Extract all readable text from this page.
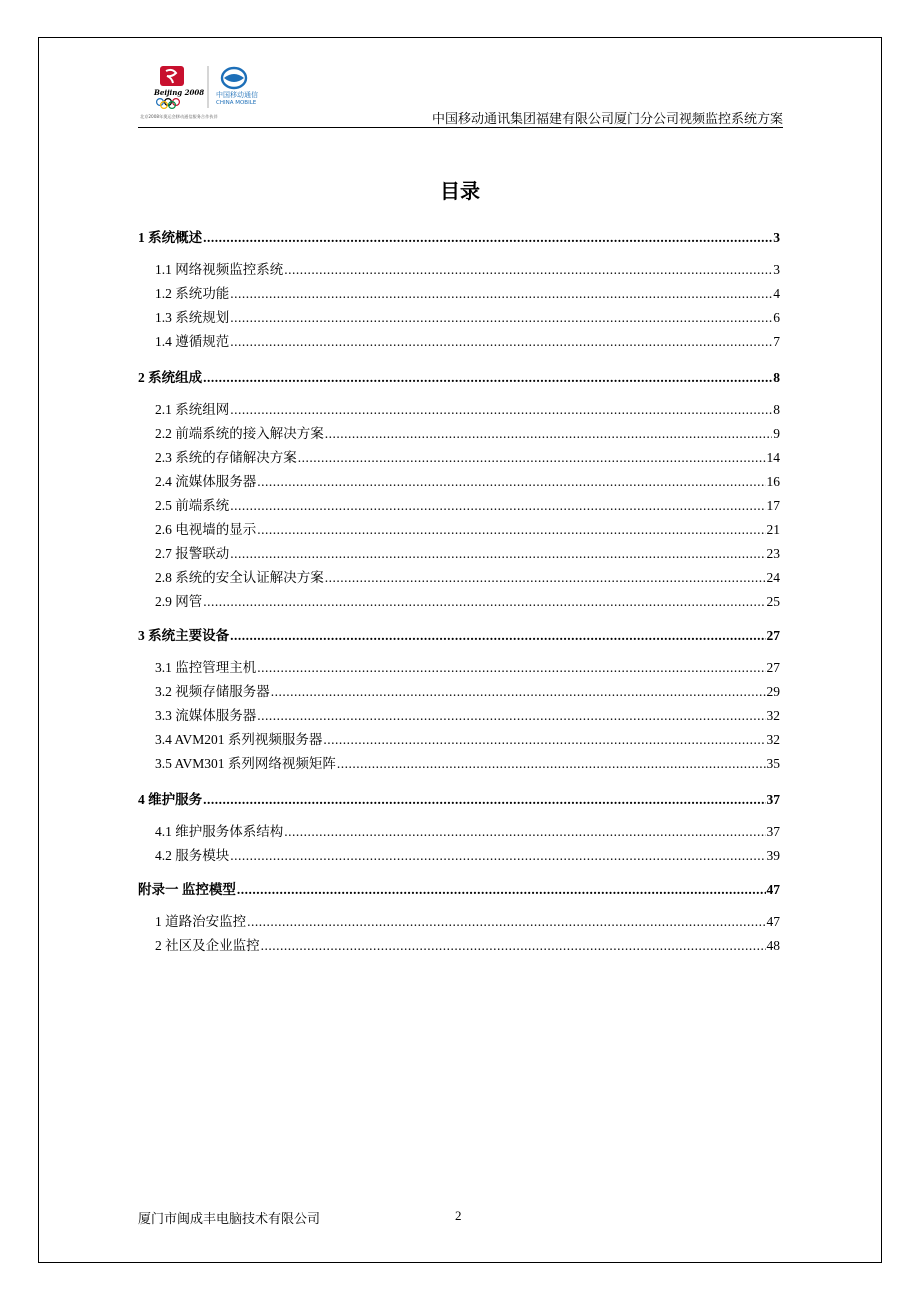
Beijing 2008 中国移动通信
CHINA MOBILE
北京2008年奥运会移动通信服务合作伙伴	中国移动通讯集团福建有限公司厦门分公司视频监控系统方案
目录
1 系统概述 .....	3
1.1 网络视频监控系统 .....	3
1.2 系统功能 .....	4
1.3 系统规划 .....	6
1.4 遵循规范 .....	7
2 系统组成 .....	8
2.1 系统组网 .....	8
2.2 前端系统的接入解决方案 .....	9
2.3 系统的存储解决方案 .....	14
2.4 流媒体服务器 .....	16
2.5 前端系统 .....	17
2.6 电视墙的显示 .....	21
2.7 报警联动 .....	23
2.8 系统的安全认证解决方案 .....	24
2.9 网管 .....	25
3 系统主要设备 .....	27
3.1 监控管理主机 .....	27
3.2 视频存储服务器 .....	29
3.3 流媒体服务器 .....	32
3.4 AVM201 系列视频服务器 .....	32
3.5 AVM301 系列网络视频矩阵 .....	35
4 维护服务 .....	37
4.1 维护服务体系结构 .....	37
4.2 服务模块 .....	39
附录一 监控模型 .....	47
1 道路治安监控 .....	47
2 社区及企业监控 .....	48
厦门市闽成丰电脑技术有限公司	2
